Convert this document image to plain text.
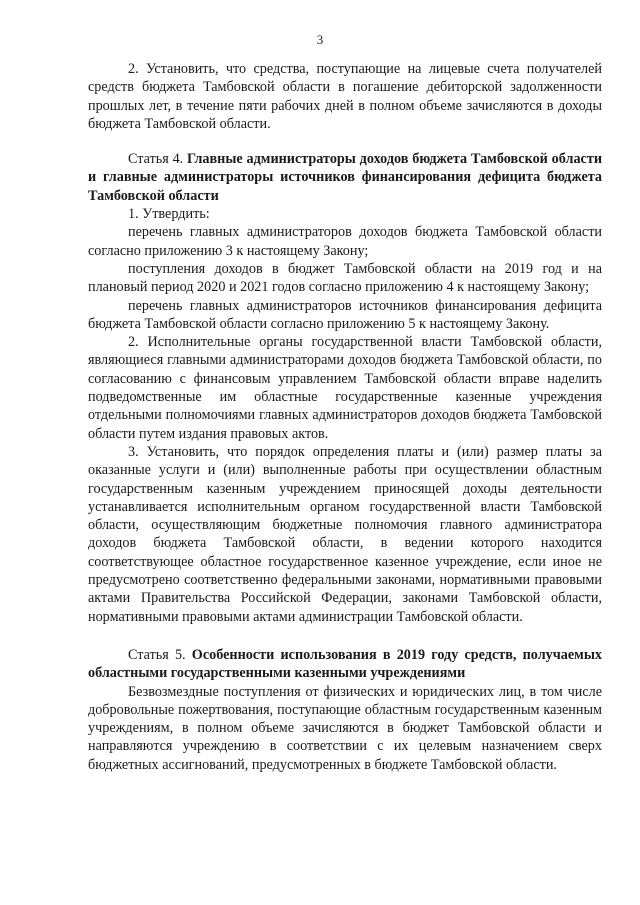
3

2. Установить, что средства, поступающие на лицевые счета получателей средств бюджета Тамбовской области в погашение дебиторской задолженности прошлых лет, в течение пяти рабочих дней в полном объеме зачисляются в доходы бюджета Тамбовской области.

Статья 4. Главные администраторы доходов бюджета Тамбовской области и главные администраторы источников финансирования дефицита бюджета Тамбовской области

1. Утвердить:

перечень главных администраторов доходов бюджета Тамбовской области согласно приложению 3 к настоящему Закону;

поступления доходов в бюджет Тамбовской области на 2019 год и на плановый период 2020 и 2021 годов согласно приложению 4 к настоящему Закону;

перечень главных администраторов источников финансирования дефицита бюджета Тамбовской области согласно приложению 5 к настоящему Закону.

2. Исполнительные органы государственной власти Тамбовской области, являющиеся главными администраторами доходов бюджета Тамбовской области, по согласованию с финансовым управлением Тамбовской области вправе наделить подведомственные им областные государственные казенные учреждения отдельными полномочиями главных администраторов доходов бюджета Тамбовской области путем издания правовых актов.

3. Установить, что порядок определения платы и (или) размер платы за оказанные услуги и (или) выполненные работы при осуществлении областным государственным казенным учреждением приносящей доходы деятельности устанавливается исполнительным органом государственной власти Тамбовской области, осуществляющим бюджетные полномочия главного администратора доходов бюджета Тамбовской области, в ведении которого находится соответствующее областное государственное казенное учреждение, если иное не предусмотрено соответственно федеральными законами, нормативными правовыми актами Правительства Российской Федерации, законами Тамбовской области, нормативными правовыми актами администрации Тамбовской области.

Статья 5. Особенности использования в 2019 году средств, получаемых областными государственными казенными учреждениями

Безвозмездные поступления от физических и юридических лиц, в том числе добровольные пожертвования, поступающие областным государственным казенным учреждениям, в полном объеме зачисляются в бюджет Тамбовской области и направляются учреждению в соответствии с их целевым назначением сверх бюджетных ассигнований, предусмотренных в бюджете Тамбовской области.
